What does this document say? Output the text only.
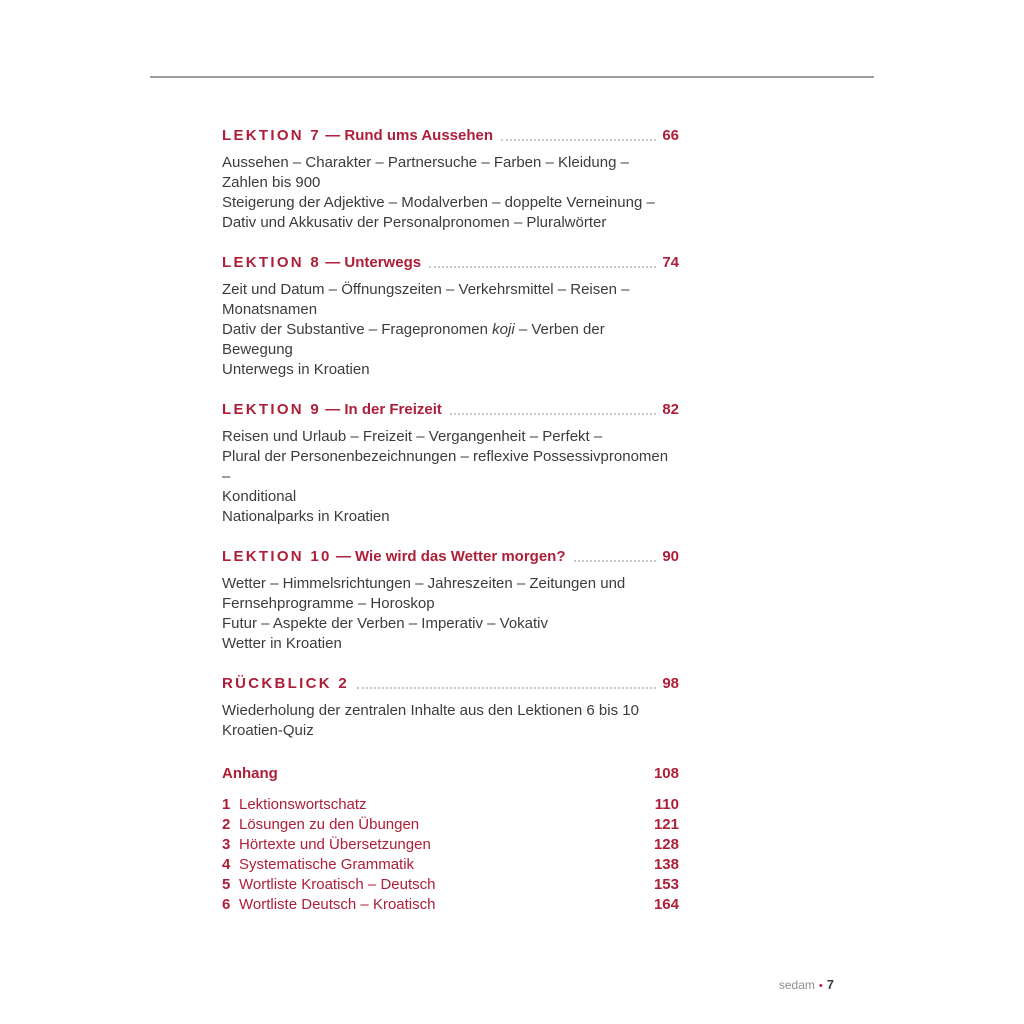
LEKTION 7 — Rund ums Aussehen	66
Aussehen – Charakter – Partnersuche – Farben – Kleidung –
Zahlen bis 900
Steigerung der Adjektive – Modalverben – doppelte Verneinung –
Dativ und Akkusativ der Personalpronomen – Pluralwörter
LEKTION 8 — Unterwegs	74
Zeit und Datum – Öffnungszeiten – Verkehrsmittel – Reisen –
Monatsnamen
Dativ der Substantive – Fragepronomen koji – Verben der Bewegung
Unterwegs in Kroatien
LEKTION 9 — In der Freizeit	82
Reisen und Urlaub – Freizeit – Vergangenheit – Perfekt –
Plural der Personenbezeichnungen – reflexive Possessivpronomen –
Konditional
Nationalparks in Kroatien
LEKTION 10 — Wie wird das Wetter morgen?	90
Wetter – Himmelsrichtungen – Jahreszeiten – Zeitungen und
Fernsehprogramme – Horoskop
Futur – Aspekte der Verben – Imperativ – Vokativ
Wetter in Kroatien
RÜCKBLICK 2	98
Wiederholung der zentralen Inhalte aus den Lektionen 6 bis 10
Kroatien-Quiz
Anhang	108
1 Lektionswortschatz	110
2 Lösungen zu den Übungen	121
3 Hörtexte und Übersetzungen	128
4 Systematische Grammatik	138
5 Wortliste Kroatisch – Deutsch	153
6 Wortliste Deutsch – Kroatisch	164
sedam • 7
